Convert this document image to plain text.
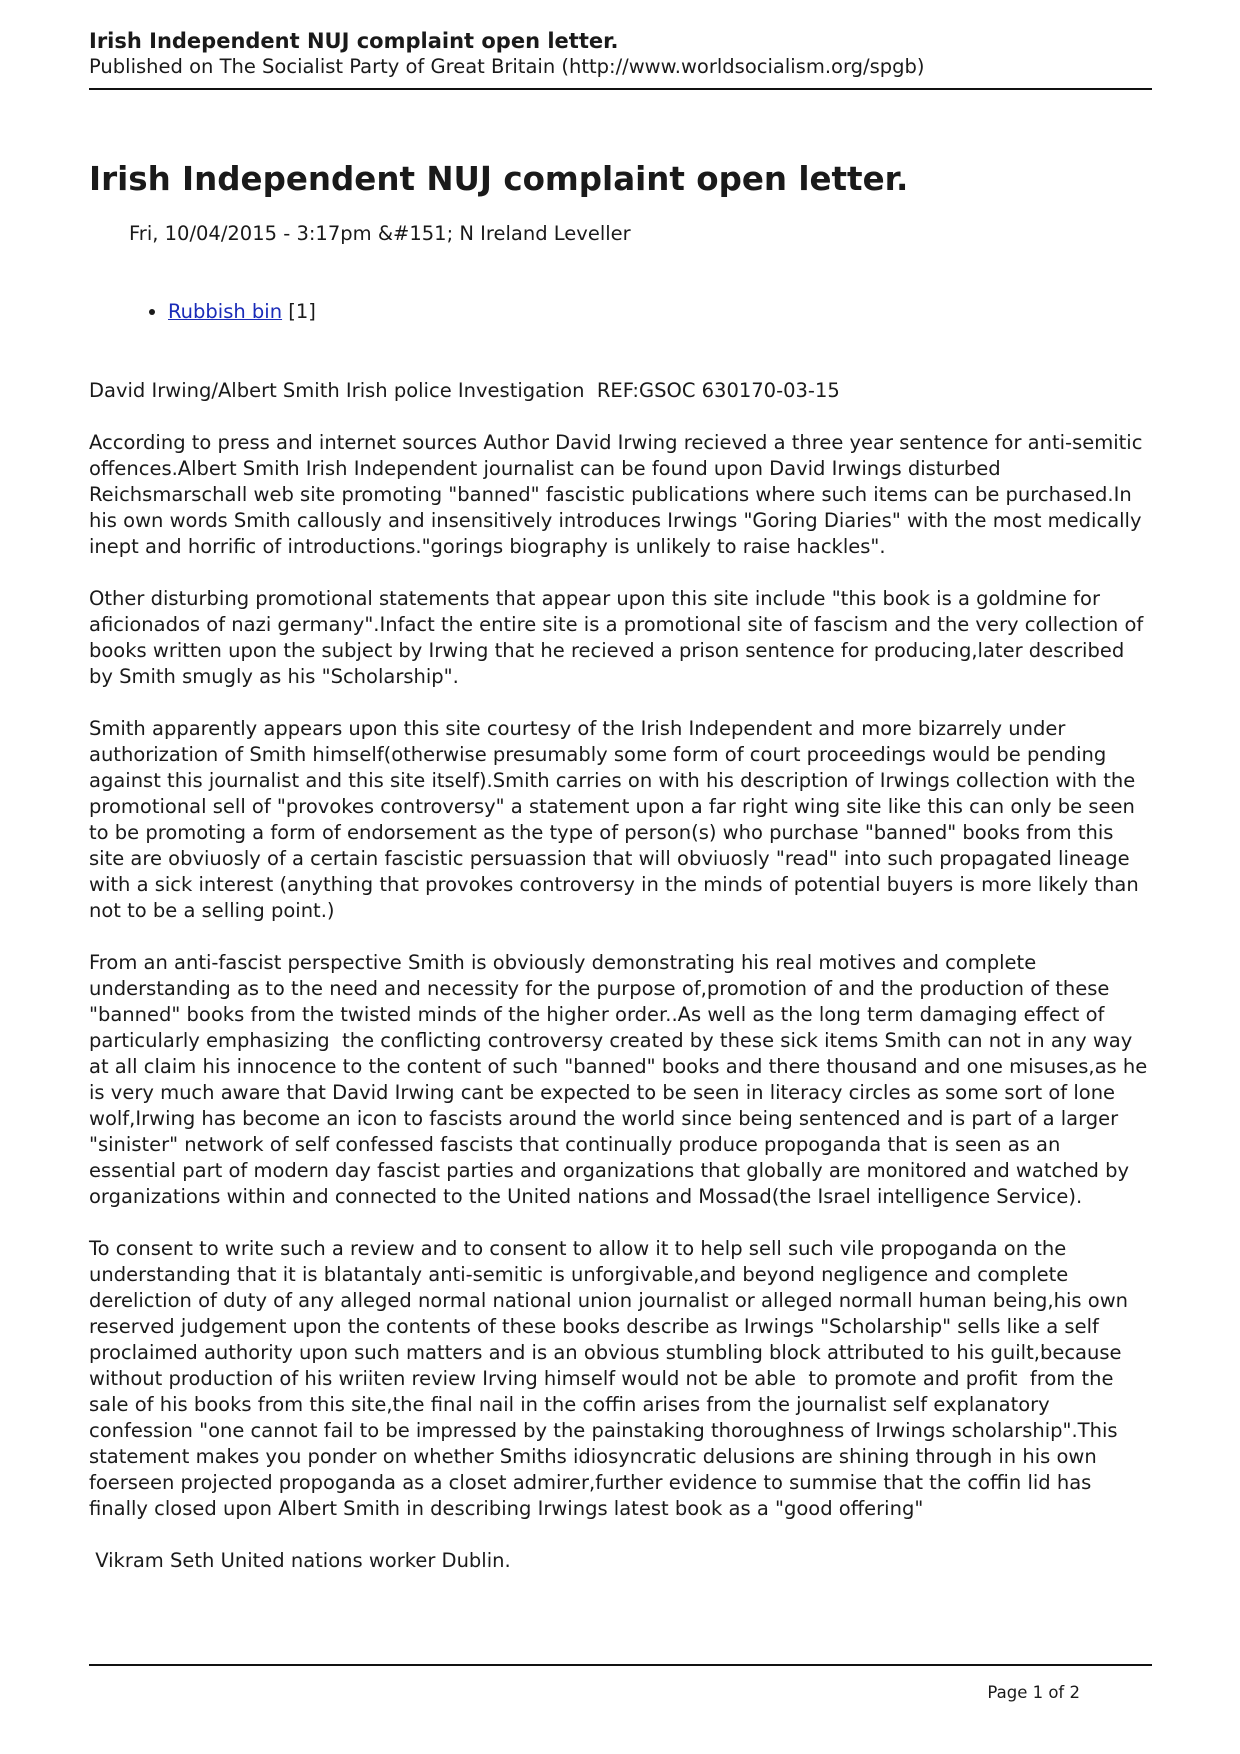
Irish Independent NUJ complaint open letter.
Published on The Socialist Party of Great Britain (http://www.worldsocialism.org/spgb)
Irish Independent NUJ complaint open letter.
Fri, 10/04/2015 - 3:17pm &#151; N Ireland Leveller
• Rubbish bin [1]
David Irwing/Albert Smith Irish police Investigation  REF:GSOC 630170-03-15

According to press and internet sources Author David Irwing recieved a three year sentence for anti-semitic offences.Albert Smith Irish Independent journalist can be found upon David Irwings disturbed Reichsmarschall web site promoting "banned" fascistic publications where such items can be purchased.In his own words Smith callously and insensitively introduces Irwings "Goring Diaries" with the most medically inept and horrific of introductions."gorings biography is unlikely to raise hackles".

Other disturbing promotional statements that appear upon this site include "this book is a goldmine for aficionados of nazi germany".Infact the entire site is a promotional site of fascism and the very collection of books written upon the subject by Irwing that he recieved a prison sentence for producing,later described by Smith smugly as his "Scholarship".

Smith apparently appears upon this site courtesy of the Irish Independent and more bizarrely under authorization of Smith himself(otherwise presumably some form of court proceedings would be pending against this journalist and this site itself).Smith carries on with his description of Irwings collection with the promotional sell of "provokes controversy" a statement upon a far right wing site like this can only be seen to be promoting a form of endorsement as the type of person(s) who purchase "banned" books from this site are obviuosly of a certain fascistic persuassion that will obviuosly "read" into such propagated lineage with a sick interest (anything that provokes controversy in the minds of potential buyers is more likely than not to be a selling point.)

From an anti-fascist perspective Smith is obviously demonstrating his real motives and complete understanding as to the need and necessity for the purpose of,promotion of and the production of these "banned" books from the twisted minds of the higher order..As well as the long term damaging effect of particularly emphasizing  the conflicting controversy created by these sick items Smith can not in any way at all claim his innocence to the content of such "banned" books and there thousand and one misuses,as he is very much aware that David Irwing cant be expected to be seen in literacy circles as some sort of lone wolf,Irwing has become an icon to fascists around the world since being sentenced and is part of a larger "sinister" network of self confessed fascists that continually produce propoganda that is seen as an essential part of modern day fascist parties and organizations that globally are monitored and watched by organizations within and connected to the United nations and Mossad(the Israel intelligence Service).

To consent to write such a review and to consent to allow it to help sell such vile propoganda on the understanding that it is blatantaly anti-semitic is unforgivable,and beyond negligence and complete dereliction of duty of any alleged normal national union journalist or alleged normall human being,his own reserved judgement upon the contents of these books describe as Irwings "Scholarship" sells like a self proclaimed authority upon such matters and is an obvious stumbling block attributed to his guilt,because without production of his wriiten review Irving himself would not be able  to promote and profit  from the sale of his books from this site,the final nail in the coffin arises from the journalist self explanatory confession "one cannot fail to be impressed by the painstaking thoroughness of Irwings scholarship".This statement makes you ponder on whether Smiths idiosyncratic delusions are shining through in his own foerseen projected propoganda as a closet admirer,further evidence to summise that the coffin lid has finally closed upon Albert Smith in describing Irwings latest book as a "good offering"

Vikram Seth United nations worker Dublin.
Page 1 of 2
